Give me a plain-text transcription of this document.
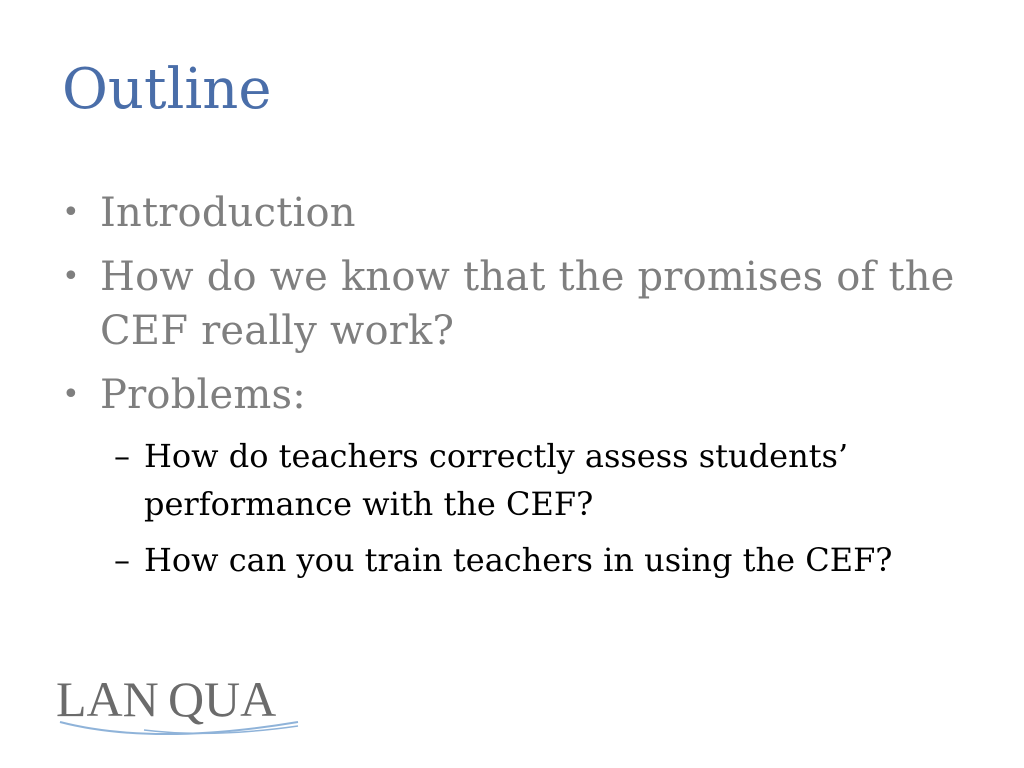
Outline
• Introduction
• How do we know that the promises of the CEF really work?
• Problems:
– How do teachers correctly assess students’ performance with the CEF?
– How can you train teachers in using the CEF?
LAN Q UA
